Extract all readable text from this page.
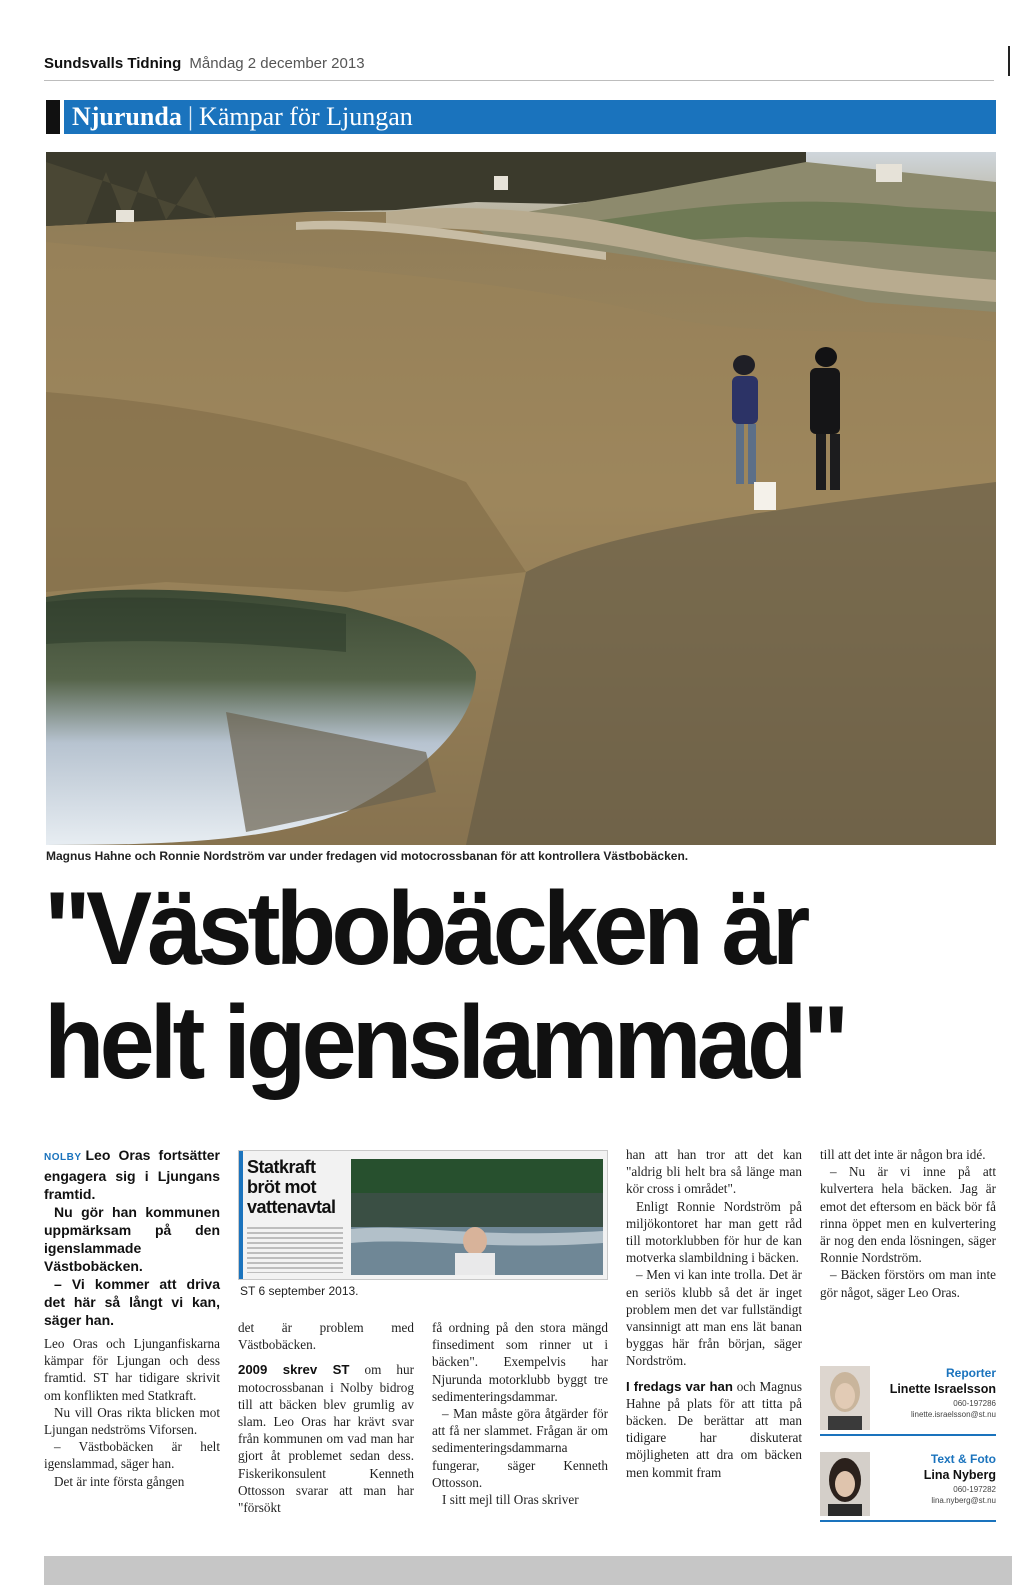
Sundsvalls Tidning Måndag 2 december 2013
Njurunda | Kämpar för Ljungan
Magnus Hahne och Ronnie Nordström var under fredagen vid motocrossbanan för att kontrollera Västbobäcken.
"Västbobäcken är
helt igenslammad"

NOLBY Leo Oras fortsätter engagera sig i Ljungans framtid.

Nu gör han kommunen uppmärksam på den igenslammade Västbobäcken.

– Vi kommer att driva det här så långt vi kan, säger han.

Leo Oras och Ljunganfiskarna kämpar för Ljungan och dess framtid. ST har tidigare skrivit om konflikten med Statkraft.

Nu vill Oras rikta blicken mot Ljungan nedströms Viforsen.

– Västbobäcken är helt igenslammad, säger han.

Det är inte första gången

Statkraft bröt mot vattenavtal
ST 6 september 2013.

det är problem med Västbobäcken.

2009 skrev ST om hur motocrossbanan i Nolby bidrog till att bäcken blev grumlig av slam. Leo Oras har krävt svar från kommunen om vad man har gjort åt problemet sedan dess. Fiskerikonsulent Kenneth Ottosson svarar att man har "försökt

få ordning på den stora mängd finsediment som rinner ut i bäcken". Exempelvis har Njurunda motorklubb byggt tre sedimenteringsdammar.

– Man måste göra åtgärder för att få ner slammet. Frågan är om sedimenteringsdammarna fungerar, säger Kenneth Ottosson.

I sitt mejl till Oras skriver

han att han tror att det kan "aldrig bli helt bra så länge man kör cross i området".

Enligt Ronnie Nordström på miljökontoret har man gett råd till motorklubben för hur de kan motverka slambildning i bäcken.

– Men vi kan inte trolla. Det är en seriös klubb så det är inget problem men det var fullständigt vansinnigt att man ens lät banan byggas här från början, säger Nordström.

I fredags var han och Magnus Hahne på plats för att titta på bäcken. De berättar att man tidigare har diskuterat möjligheten att dra om bäcken men kommit fram

till att det inte är någon bra idé.

– Nu är vi inne på att kulvertera hela bäcken. Jag är emot det eftersom en bäck bör få rinna öppet men en kulvertering är nog den enda lösningen, säger Ronnie Nordström.

– Bäcken förstörs om man inte gör något, säger Leo Oras.

Reporter
Linette Israelsson
060-197286
linette.israelsson@st.nu
Text & Foto
Lina Nyberg
060-197282
lina.nyberg@st.nu
